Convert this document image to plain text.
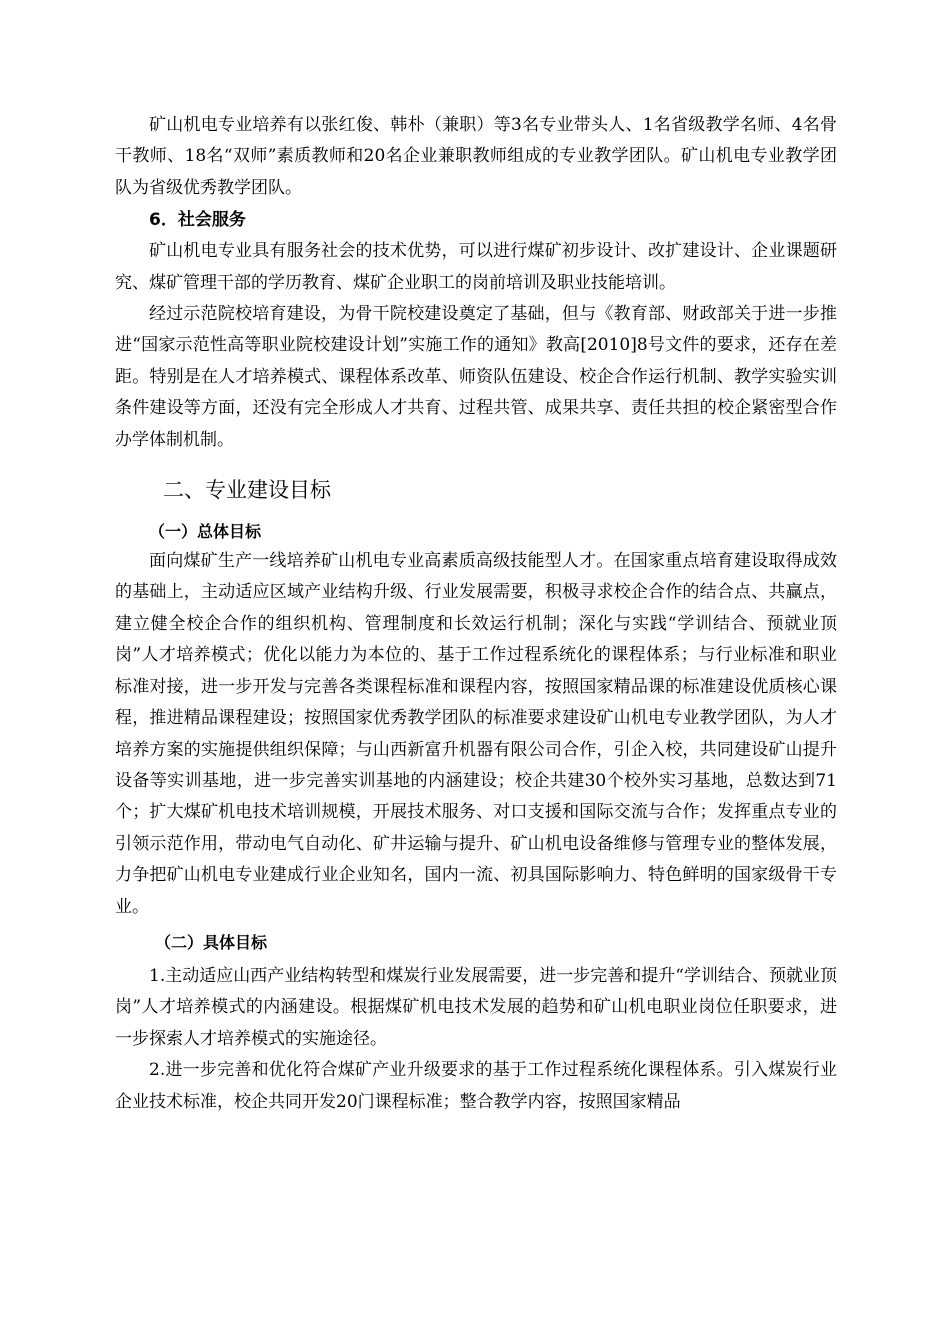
矿山机电专业培养有以张红俊、韩朴（兼职）等3名专业带头人、1名省级教学名师、4名骨干教师、18名“双师”素质教师和20名企业兼职教师组成的专业教学团队。矿山机电专业教学团队为省级优秀教学团队。

6．社会服务

矿山机电专业具有服务社会的技术优势，可以进行煤矿初步设计、改扩建设计、企业课题研究、煤矿管理干部的学历教育、煤矿企业职工的岗前培训及职业技能培训。

经过示范院校培育建设，为骨干院校建设奠定了基础，但与《教育部、财政部关于进一步推进“国家示范性高等职业院校建设计划”实施工作的通知》教高[2010]8号文件的要求，还存在差距。特别是在人才培养模式、课程体系改革、师资队伍建设、校企合作运行机制、教学实验实训条件建设等方面，还没有完全形成人才共育、过程共管、成果共享、责任共担的校企紧密型合作办学体制机制。

二、专业建设目标
（一）总体目标

面向煤矿生产一线培养矿山机电专业高素质高级技能型人才。在国家重点培育建设取得成效的基础上，主动适应区域产业结构升级、行业发展需要，积极寻求校企合作的结合点、共赢点，建立健全校企合作的组织机构、管理制度和长效运行机制；深化与实践“学训结合、预就业顶岗”人才培养模式；优化以能力为本位的、基于工作过程系统化的课程体系；与行业标准和职业标准对接，进一步开发与完善各类课程标准和课程内容，按照国家精品课的标准建设优质核心课程，推进精品课程建设；按照国家优秀教学团队的标准要求建设矿山机电专业教学团队，为人才培养方案的实施提供组织保障；与山西新富升机器有限公司合作，引企入校，共同建设矿山提升设备等实训基地，进一步完善实训基地的内涵建设；校企共建30个校外实习基地，总数达到71个；扩大煤矿机电技术培训规模，开展技术服务、对口支援和国际交流与合作；发挥重点专业的引领示范作用，带动电气自动化、矿井运输与提升、矿山机电设备维修与管理专业的整体发展，力争把矿山机电专业建成行业企业知名，国内一流、初具国际影响力、特色鲜明的国家级骨干专业。

（二）具体目标

1.主动适应山西产业结构转型和煤炭行业发展需要，进一步完善和提升“学训结合、预就业顶岗”人才培养模式的内涵建设。根据煤矿机电技术发展的趋势和矿山机电职业岗位任职要求，进一步探索人才培养模式的实施途径。

2.进一步完善和优化符合煤矿产业升级要求的基于工作过程系统化课程体系。引入煤炭行业企业技术标准，校企共同开发20门课程标准；整合教学内容，按照国家精品
